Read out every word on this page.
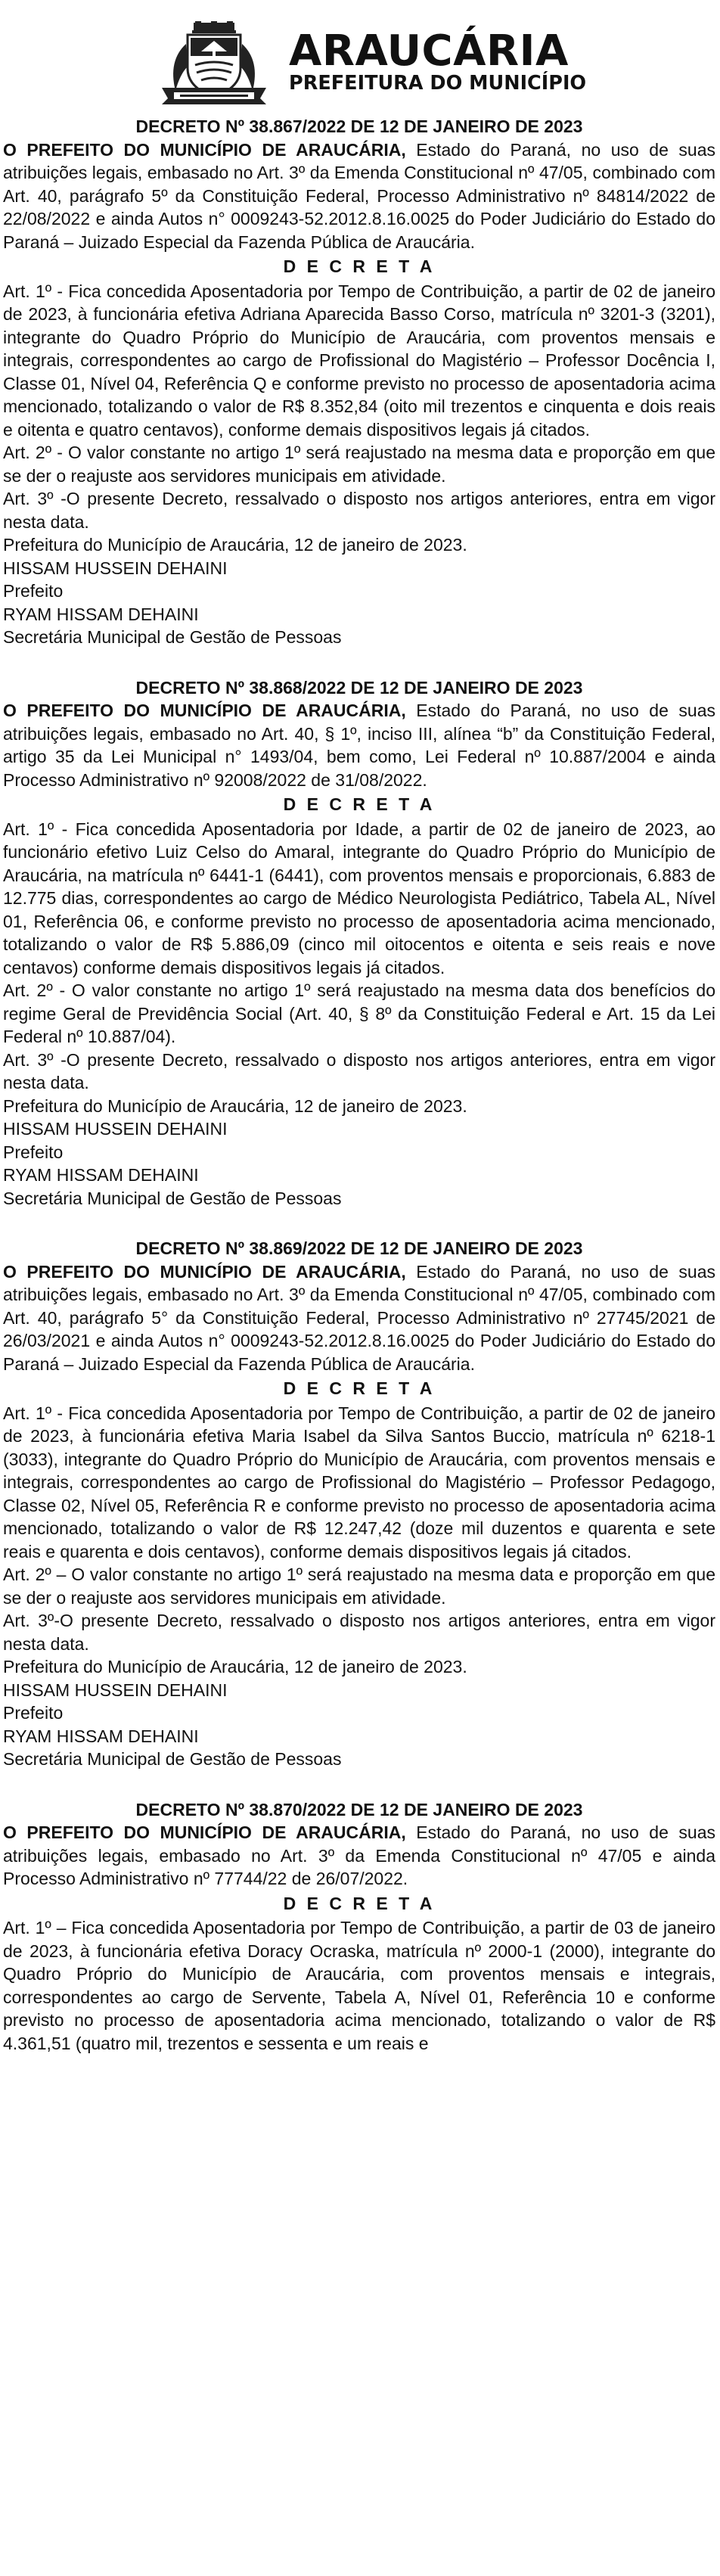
ARAUCÁRIA
PREFEITURA DO MUNICÍPIO
DECRETO Nº 38.867/2022 DE 12 DE JANEIRO DE 2023

O PREFEITO DO MUNICÍPIO DE ARAUCÁRIA, Estado do Paraná, no uso de suas atribuições legais, embasado no Art. 3º da Emenda Constitucional nº 47/05, combinado com Art. 40, parágrafo 5º da Constituição Federal, Processo Administrativo nº 84814/2022 de 22/08/2022 e ainda Autos n° 0009243-52.2012.8.16.0025 do Poder Judiciário do Estado do Paraná – Juizado Especial da Fazenda Pública de Araucária.

D E C R E T A

Art. 1º - Fica concedida Aposentadoria por Tempo de Contribuição, a partir de 02 de janeiro de 2023, à funcionária efetiva Adriana Aparecida Basso Corso, matrícula nº 3201-3 (3201), integrante do Quadro Próprio do Município de Araucária, com proventos mensais e integrais, correspondentes ao cargo de Profissional do Magistério – Professor Docência I, Classe 01, Nível 04, Referência Q e conforme previsto no processo de aposentadoria acima mencionado, totalizando o valor de R$ 8.352,84 (oito mil trezentos e cinquenta e dois reais e oitenta e quatro centavos), conforme demais dispositivos legais já citados.

Art. 2º - O valor constante no artigo 1º será reajustado na mesma data e proporção em que se der o reajuste aos servidores municipais em atividade.

Art. 3º -O presente Decreto, ressalvado o disposto nos artigos anteriores, entra em vigor nesta data.

Prefeitura do Município de Araucária, 12 de janeiro de 2023.

HISSAM HUSSEIN DEHAINI

Prefeito

RYAM HISSAM DEHAINI

Secretária Municipal de Gestão de Pessoas

DECRETO Nº 38.868/2022 DE 12 DE JANEIRO DE 2023

O PREFEITO DO MUNICÍPIO DE ARAUCÁRIA, Estado do Paraná, no uso de suas atribuições legais, embasado no Art. 40, § 1º, inciso III, alínea “b” da Constituição Federal, artigo 35 da Lei Municipal n° 1493/04, bem como, Lei Federal nº 10.887/2004 e ainda Processo Administrativo nº 92008/2022 de 31/08/2022.

D E C R E T A

Art. 1º - Fica concedida Aposentadoria por Idade, a partir de 02 de janeiro de 2023, ao funcionário efetivo Luiz Celso do Amaral, integrante do Quadro Próprio do Município de Araucária, na matrícula nº 6441-1 (6441), com proventos mensais e proporcionais, 6.883 de 12.775 dias, correspondentes ao cargo de Médico Neurologista Pediátrico, Tabela AL, Nível 01, Referência 06, e conforme previsto no processo de aposentadoria acima mencionado, totalizando o valor de R$ 5.886,09 (cinco mil oitocentos e oitenta e seis reais e nove centavos) conforme demais dispositivos legais já citados.

Art. 2º - O valor constante no artigo 1º será reajustado na mesma data dos benefícios do regime Geral de Previdência Social (Art. 40, § 8º da Constituição Federal e Art. 15 da Lei Federal nº 10.887/04).

Art. 3º -O presente Decreto, ressalvado o disposto nos artigos anteriores, entra em vigor nesta data.

Prefeitura do Município de Araucária, 12 de janeiro de 2023.

HISSAM HUSSEIN DEHAINI

Prefeito

RYAM HISSAM DEHAINI

Secretária Municipal de Gestão de Pessoas

DECRETO Nº 38.869/2022 DE 12 DE JANEIRO DE 2023

O PREFEITO DO MUNICÍPIO DE ARAUCÁRIA, Estado do Paraná, no uso de suas atribuições legais, embasado no Art. 3º da Emenda Constitucional nº 47/05, combinado com Art. 40, parágrafo 5° da Constituição Federal, Processo Administrativo nº 27745/2021 de 26/03/2021 e ainda Autos n° 0009243-52.2012.8.16.0025 do Poder Judiciário do Estado do Paraná – Juizado Especial da Fazenda Pública de Araucária.

D E C R E T A

Art. 1º - Fica concedida Aposentadoria por Tempo de Contribuição, a partir de 02 de janeiro de 2023, à funcionária efetiva Maria Isabel da Silva Santos Buccio, matrícula nº 6218-1 (3033), integrante do Quadro Próprio do Município de Araucária, com proventos mensais e integrais, correspondentes ao cargo de Profissional do Magistério – Professor Pedagogo, Classe 02, Nível 05, Referência R e conforme previsto no processo de aposentadoria acima mencionado, totalizando o valor de R$ 12.247,42 (doze mil duzentos e quarenta e sete reais e quarenta e dois centavos), conforme demais dispositivos legais já citados.

Art. 2º – O valor constante no artigo 1º será reajustado na mesma data e proporção em que se der o reajuste aos servidores municipais em atividade.

Art. 3º-O presente Decreto, ressalvado o disposto nos artigos anteriores, entra em vigor nesta data.

Prefeitura do Município de Araucária, 12 de janeiro de 2023.

HISSAM HUSSEIN DEHAINI

Prefeito

RYAM HISSAM DEHAINI

Secretária Municipal de Gestão de Pessoas

DECRETO Nº 38.870/2022 DE 12 DE JANEIRO DE 2023

O PREFEITO DO MUNICÍPIO DE ARAUCÁRIA, Estado do Paraná, no uso de suas atribuições legais, embasado no Art. 3º da Emenda Constitucional nº 47/05 e ainda Processo Administrativo nº 77744/22 de 26/07/2022.

D E C R E T A

Art. 1º – Fica concedida Aposentadoria por Tempo de Contribuição, a partir de 03 de janeiro de 2023, à funcionária efetiva Doracy Ocraska, matrícula nº 2000-1 (2000), integrante do Quadro Próprio do Município de Araucária, com proventos mensais e integrais, correspondentes ao cargo de Servente, Tabela A, Nível 01, Referência 10 e conforme previsto no processo de aposentadoria acima mencionado, totalizando o valor de R$ 4.361,51 (quatro mil, trezentos e sessenta e um reais e
